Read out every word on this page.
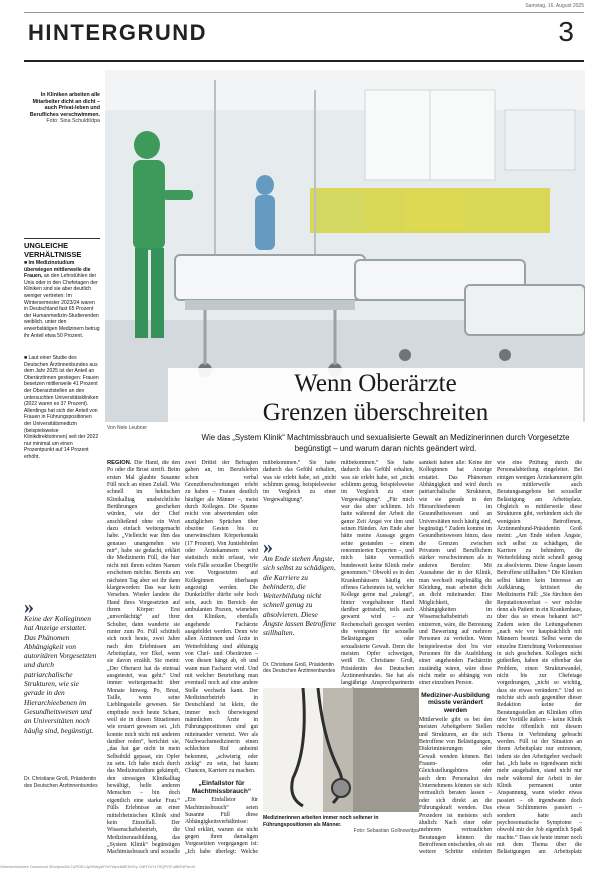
Samstag, 16. August 2025
HINTERGRUND	3
In Kliniken arbeiten alle Mitarbeiter dicht an dicht – auch Privat-leben und Berufliches verschwimmen.
Foto: Sina Schuldt/dpa
UNGLEICHE VERHÄLTNISSE
■ Im Medizinstudium überwiegen mittlerweile die Frauen, an den Lehrstühlen der Unis oder in den Chefetagen der Kliniken sind sie aber deutlich weniger vertreten: Im Wintersemester 2023/24 waren in Deutschland fast 65 Prozent der Humanmedizin-Studierenden weiblich, unter den erwerbstätigen Medizinern betrug ihr Anteil etwa 50 Prozent.
■ Laut einer Studie des Deutschen Ärztinnenbundes aus dem Jahr 2025 ist der Anteil an Oberärztinnen gestiegen: Frauen besetzen mittlerweile 41 Prozent der Oberarztstellen an den untersuchten Universitätskliniken (2022 waren es 37 Prozent). Allerdings hat sich der Anteil von Frauen in Führungspositionen der Universitätsmedizin (beispielsweise Klinikdirektorinnen) seit der 2022 nur minimal um einen Prozentpunkt auf 14 Prozent erhöht.
»
Keine der Kolleginnen hat Anzeige erstattet. Das Phänomen Abhängigkeit von autoritären Vorgesetzten und durch patriarchalische Strukturen, wie sie gerade in den Hierarchieebenen im Gesundheitswesen und an Universitäten noch häufig sind, begünstigt.
Dr. Christiane Groß, Präsidentin des Deutschen Ärztinnenbundes
Wenn Oberärzte
Grenzen überschreiten
Von Nele Leubner
Wie das „System Klinik“ Machtmissbrauch und sexualisierte Gewalt an Medizinerinnen durch Vorgesetzte begünstigt – und warum daran nichts geändert wird.

REGION. Die Hand, die den Po oder die Brust streift. Beim ersten Mal glaubte Susanne Füll noch an einen Zufall. Wie schnell im hektischen Klinikalltag unabsichtliche Berührungen geschehen würden, wie der Chef anschließend ohne ein Wort dazu einfach weitergemacht habe. „Vielleicht war ihm das genauso unangenehm wie mir“, habe sie gedacht, erklärt die Medizinerin Füll, die hier nicht mit ihrem echten Namen erscheinen möchte. Bereits am nächsten Tag aber sei ihr dann klargeworden: Das war kein Versehen. Wieder landete die Hand ihres Vorgesetzten auf ihrem Körper: Erst „unverdächtig“ auf ihrer Schulter, dann wanderte sie runter zum Po. Füll schüttelt sich noch heute, zwei Jahre nach den Erlebnissen am Arbeitsplatz, vor Ekel, wenn sie davon erzählt. Sie meint: „Der Oberarzt hat da eintraal ausgetestet, was geht.“ Und immer weitergemacht: über Monate hinweg. Po, Brust, Taille, wenn seine Lieblingsstelle gewesen. Sie empfinde noch heute Scham, weil sie in diesen Situationen wie erstarrt gewesen sei. „Ich konnte mich nicht mit anderen darüber reden“, berichtet sie, „das hat gar nicht in mein Selbstbild gepasst, ein Opfer zu sein. Ich habe mich durch das Medizinstudium gekämpft, den stressigen Klinikalltag bewältigt, helfe anderen Menschen – bin doch eigentlich eine starke Frau.“ Fülls Erlebnisse an einer mittelrheinischen Klinik sind kein Einzelfall. Der Wissenschaftsbetrieb, die Medizinerausbildung, das „System Klinik“ begünstigen Machtmissbrauch und sexuelle

zwei Drittel der Befragten gaben an, im Berufsleben schon verbal Grenzüberschreitungen erlebt zu haben – Frauen deutlich häufiger als Männer –, meist durch Kollegen. Die Spanne reicht von abwertenden oder anzüglichen Sprüchen über obszöne Gesten bis zu unerwünschten Körperkontakt (17 Prozent). Von Juntiehörden oder Ärztekammern wird statistisch nicht erfasst, wie viele Fälle sexueller Übergriffe von Vorgesetzten auf Kolleginnen überhaupt angezeigt werden. Die Dunkelziffer dürfte sehr hoch sein, auch im Bereich der ambulanten Praxen, wieneben den Kliniken, ebenfalls angehende Fachärzte ausgebildet werden. Denn wie allen Ärztinnen und Ärzte in Weiterbildung sind abhängig von Chef- und Oberärzten – von diesen hängt ab, ob und wann man Facharzt wird. Und mit welcher Beurteilung man eventuell noch auf eine andere Stelle wechseln kann. Der Medizinerbetrieb in Deutschland ist klein, die immer noch überwiegend männlichen Ärzte in Führungspositionen sind gut miteinander vernetzt. Wer als Nachwuchsmedizinerin einen schlechten Ruf anheimt bekommt, „schwierig oder zickig“ zu sein, hat kaum Chancen, Karriere zu machen.

„Einfallstor für Machtmissbrauch“

„Ein Einfallstor für Machtmissbrauch“ seien Susanne Füll diese Abhängigkeitsverhältnisse: Und erklärt, warum sie nicht gegen ihren damaligen Vorgesetzten vorgegangen ist: „Ich habe überlegt: Welche

mitbekommen.“ Sie habe dadurch das Gefühl erhalten, was sie erlebt habe, sei „nicht schlimm genug, beispielsweise im Vergleich zu einer Vergewaltigung“.

»
Am Ende stehen Ängste, sich selbst zu schädigen, die Karriere zu behindern, die Weiterbildung nicht schnell genug zu absolvieren. Diese Ängste lassen Betroffene stillhalten.
Dr. Christiane Groß, Präsidentin des Deutschen Ärztinnenbundes

mitbekommen.“ Sie habe dadurch das Gefühl erhalten, was sie erlebt habe, sei „nicht schlimm genug, beispielsweise im Vergleich zu einer Vergewaltigung“. „Für mich war das aber schlimm. Ich hatte während der Arbeit die ganze Zeit Angst vor ihm und seinen Händen. Am Ende aber hätte meine Aussage gegen seine gestanden – einem renommierten Experten –, und mich hätte vermutlich bundesweit keine Klinik mehr genommen.“ Obwohl es in den Krankenhäusern häufig ein offenes Geheimnis ist, welcher Kollege gerne mal „zulangt“, hinter vorgehaltener Hand darüber getratscht, teils auch gewarnt wird – zur Rechenschaft gezogen werden die wenigsten für sexuelle Belästigungen oder sexualisierte Gewalt. Denn die meisten Opfer schweigen, weiß Dr. Christiane Groß, Präsidentin des Deutschen Ärztinnenbundes. Sie hat als langjährige Ansprechpartnerin

samkeit haben alle: Keine der Kolleginnen hat Anzeige erstattet. Das Phänomen Abhängigkeit und wird durch patriarchalische Strukturen, wie sie gerade in den Hierarchieebenen im Gesundheitswesen und an Universitäten noch häufig sind, begünstigt.“ Zudem komme im Gesundheitswesen hinzu, dass die Grenzen zwischen Privatem und Beruflichem stärker verschwimmen als in anderen Berufen: Mit Ausnahme der in der Klinik, man wechselt regelmäßig die Kleidung, man arbeitet dicht an dicht miteinander. Eine Möglichkeit, die Abhängigkeiten im Wissenschaftsbetrieb zu entzerren, wäre, die Betreuung und Bewertung auf mehrere Personen zu verteilen. Wenn beispielsweise drei bis vier Personen für die Ausbildung einer angehenden Fachärztin zuständig wären, wäre diese nicht mehr so abhängig von einer einzelnen Person.

Mediziner-Ausbildung müsste verändert werden

Mittlerweile gibt es bei den meisten Arbeitgebern Stellen und Strukturen, an die sich Betroffene von Belästigungen, Diskriminierungen oder Gewalt wenden können. Bei Frauen- oder Gleichstellungsbüros oder auch dem Personalrat des Unternehmens können sie sich vertraulich beraten lassen – oder sich direkt an die Führungskraft wenden. Das Prozedere ist meistens sich ähnlich: Nach einer oder mehreren vertraulichen Beratungen können die Betroffenen entscheiden, ob sie weitere Schritte einleiten

wie eine Prüfung durch die Personalabteilung eingeleitet. Bei einigen wenigen Ärztekammern gibt es mittlerweile auch Beratungsangebote bei sexueller Belästigung am Arbeitsplatz. Obgleich es mittlerweile diese Strukturen gibt, verhindern sich die wenigsten Betroffenen, Ärztinnenbund-Präsidentin Groß meint: „Am Ende stehen Ängste, sich selbst zu schädigen, die Karriere zu behindern, die Weiterbildung nicht schnell genug zu absolvieren. Diese Ängste lassen Betroffene stillhalten.“ Die Kliniken selbst hätten kein Interesse an Aufklärung, kritisiert die Medizinerin Füll: „Sie fürchten den Reputationsverlust – wer möchte denn als Patient in ein Krankenhaus, über das so etwas bekannt ist?“ Zudem seien die Leitungsebenen „nach wie vor hauptsächlich mit Männern besetzt. Selbst wenn die einzelne Einrichtung Vorkommnisse in sich geschehen. Kollegen nicht gutheißen, haben sie offenbar das Problem, einen Strukturwandel, nicht bis zur Chefetage vorgedrungen, „nicht so wichtig, dass sie etwas verändern.“ Und so möchte sich auch gegenüber dieser Redaktion keine der Beratungsstellen an Kliniken offen über Vorfälle äußern – keine Klinik möchte öffentlich mit diesem Thema in Verbindung gebracht werden. Füll ist der Situation an ihrem Arbeitsplatz nur entronnen, indem sie den Arbeitgeber wechselt hat. „Ich habe es irgendwann nicht mehr ausgehalten, stand nicht nur mehr während der Arbeit in der Klinik permanent unter Anspannung, wann wieder etwas passiert – ob irgendwann doch etwas Schlimmeres passiert – sondern hatte auch psychosomatische Symptome – obwohl mir der Job eigentlich Spaß machte.“ Dass sie heute immer noch mit dem Thema über die Belästigungen am Arbeitsplatz

Medizinerinnen arbeiten immer noch seltener in Führungspositionen als Männer.
Foto: Sebastian Gollnow/dpa
Gelesen/sichere Download 00vdpss2i/u7UPDEL3pWkbgWYeYWpelb8EtVtGy OdfTGr7x7SQPOFu8BFdPanXt
